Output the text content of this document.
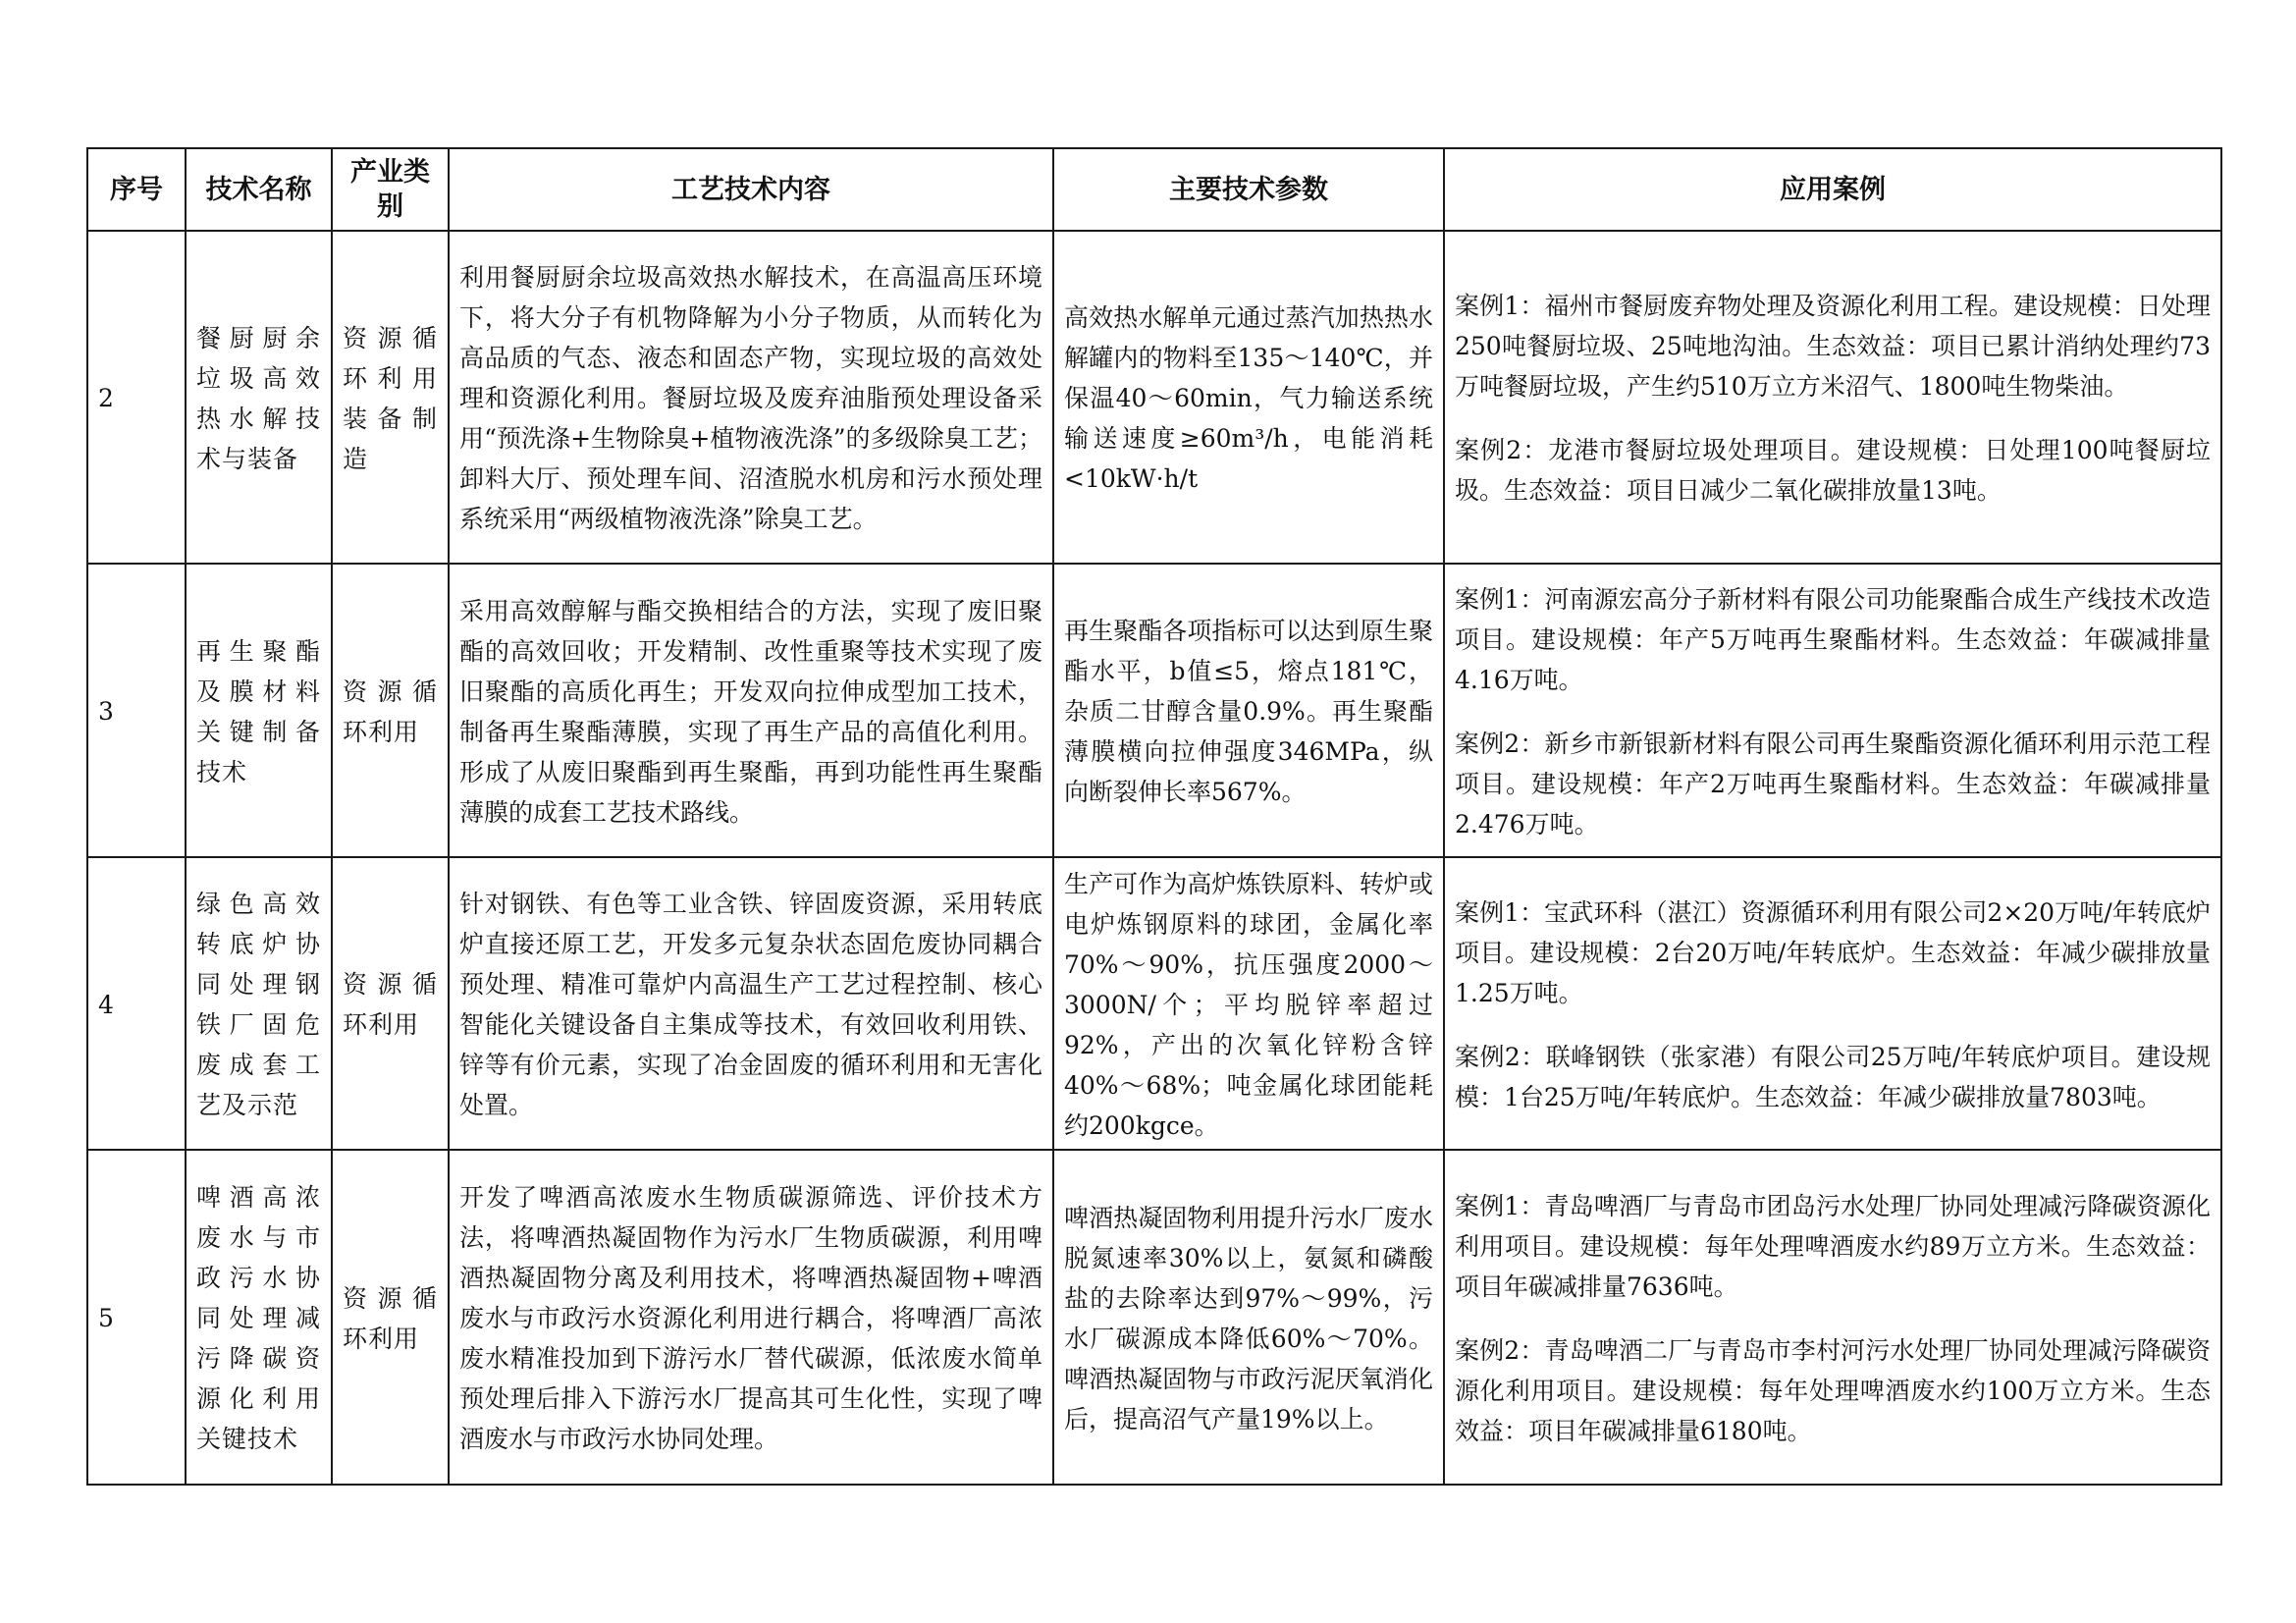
序号	技术名称	产业类别	工艺技术内容	主要技术参数	应用案例
2	餐厨厨余垃圾高效热水解技术与装备	资源循环利用装备制造	利用餐厨厨余垃圾高效热水解技术，在高温高压环境下，将大分子有机物降解为小分子物质，从而转化为高品质的气态、液态和固态产物，实现垃圾的高效处理和资源化利用。餐厨垃圾及废弃油脂预处理设备采用“预洗涤+生物除臭+植物液洗涤”的多级除臭工艺；卸料大厅、预处理车间、沼渣脱水机房和污水预处理系统采用“两级植物液洗涤”除臭工艺。	高效热水解单元通过蒸汽加热热水解罐内的物料至135～140℃，并保温40～60min，气力输送系统输送速度≥60m³/h，电能消耗<10kW·h/t	案例1：福州市餐厨废弃物处理及资源化利用工程。建设规模：日处理250吨餐厨垃圾、25吨地沟油。生态效益：项目已累计消纳处理约73万吨餐厨垃圾，产生约510万立方米沼气、1800吨生物柴油。
案例2：龙港市餐厨垃圾处理项目。建设规模：日处理100吨餐厨垃圾。生态效益：项目日减少二氧化碳排放量13吨。

3	再生聚酯及膜材料关键制备技术	资源循环利用	采用高效醇解与酯交换相结合的方法，实现了废旧聚酯的高效回收；开发精制、改性重聚等技术实现了废旧聚酯的高质化再生；开发双向拉伸成型加工技术，制备再生聚酯薄膜，实现了再生产品的高值化利用。形成了从废旧聚酯到再生聚酯，再到功能性再生聚酯薄膜的成套工艺技术路线。	再生聚酯各项指标可以达到原生聚酯水平，b值≤5，熔点181℃，杂质二甘醇含量0.9%。再生聚酯薄膜横向拉伸强度346MPa，纵向断裂伸长率567%。	案例1：河南源宏高分子新材料有限公司功能聚酯合成生产线技术改造项目。建设规模：年产5万吨再生聚酯材料。生态效益：年碳减排量4.16万吨。
案例2：新乡市新银新材料有限公司再生聚酯资源化循环利用示范工程项目。建设规模：年产2万吨再生聚酯材料。生态效益：年碳减排量2.476万吨。

4	绿色高效转底炉协同处理钢铁厂固危废成套工艺及示范	资源循环利用	针对钢铁、有色等工业含铁、锌固废资源，采用转底炉直接还原工艺，开发多元复杂状态固危废协同耦合预处理、精准可靠炉内高温生产工艺过程控制、核心智能化关键设备自主集成等技术，有效回收利用铁、锌等有价元素，实现了冶金固废的循环利用和无害化处置。	生产可作为高炉炼铁原料、转炉或电炉炼钢原料的球团，金属化率70%～90%，抗压强度2000～3000N/个；平均脱锌率超过92%，产出的次氧化锌粉含锌40%～68%；吨金属化球团能耗约200kgce。	案例1：宝武环科（湛江）资源循环利用有限公司2×20万吨/年转底炉项目。建设规模：2台20万吨/年转底炉。生态效益：年减少碳排放量1.25万吨。
案例2：联峰钢铁（张家港）有限公司25万吨/年转底炉项目。建设规模：1台25万吨/年转底炉。生态效益：年减少碳排放量7803吨。

5	啤酒高浓废水与市政污水协同处理减污降碳资源化利用关键技术	资源循环利用	开发了啤酒高浓废水生物质碳源筛选、评价技术方法，将啤酒热凝固物作为污水厂生物质碳源，利用啤酒热凝固物分离及利用技术，将啤酒热凝固物+啤酒废水与市政污水资源化利用进行耦合，将啤酒厂高浓废水精准投加到下游污水厂替代碳源，低浓废水简单预处理后排入下游污水厂提高其可生化性，实现了啤酒废水与市政污水协同处理。	啤酒热凝固物利用提升污水厂废水脱氮速率30%以上，氨氮和磷酸盐的去除率达到97%～99%，污水厂碳源成本降低60%～70%。啤酒热凝固物与市政污泥厌氧消化后，提高沼气产量19%以上。	案例1：青岛啤酒厂与青岛市团岛污水处理厂协同处理减污降碳资源化利用项目。建设规模：每年处理啤酒废水约89万立方米。生态效益：项目年碳减排量7636吨。
案例2：青岛啤酒二厂与青岛市李村河污水处理厂协同处理减污降碳资源化利用项目。建设规模：每年处理啤酒废水约100万立方米。生态效益：项目年碳减排量6180吨。
